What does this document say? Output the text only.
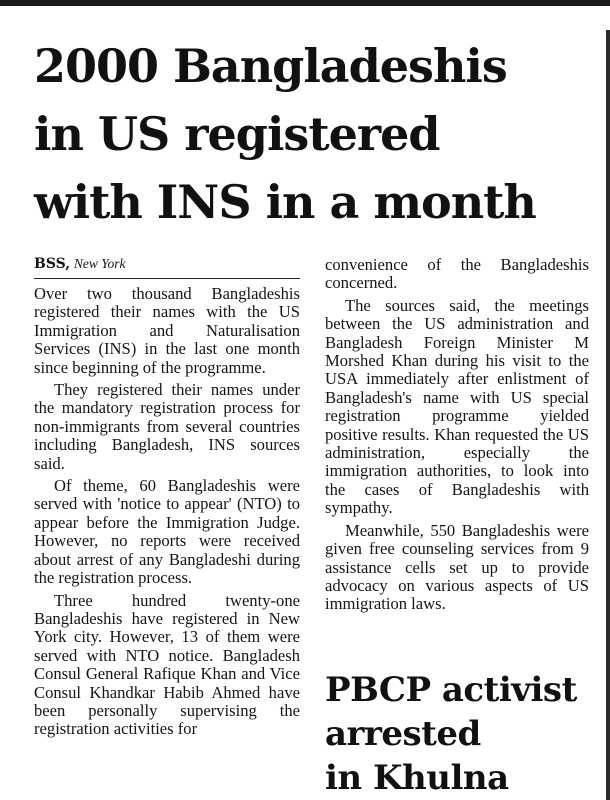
2000 Bangladeshis
in US registered
with INS in a month
BSS, New York

Over two thousand Bangladeshis registered their names with the US Immigration and Naturalisation Services (INS) in the last one month since beginning of the programme.

They registered their names under the mandatory registration process for non-immigrants from several countries including Bangladesh, INS sources said.

Of theme, 60 Bangladeshis were served with 'notice to appear' (NTO) to appear before the Immigration Judge. However, no reports were received about arrest of any Bangladeshi during the registration process.

Three hundred twenty-one Bangladeshis have registered in New York city. However, 13 of them were served with NTO notice. Bangladesh Consul General Rafique Khan and Vice Consul Khandkar Habib Ahmed have been personally supervising the registration activities for

convenience of the Bangladeshis concerned.

The sources said, the meetings between the US administration and Bangladesh Foreign Minister M Morshed Khan during his visit to the USA immediately after enlistment of Bangladesh's name with US special registration programme yielded positive results. Khan requested the US administration, especially the immigration authorities, to look into the cases of Bangladeshis with sympathy.

Meanwhile, 550 Bangladeshis were given free counseling services from 9 assistance cells set up to provide advocacy on various aspects of US immigration laws.

PBCP activist
arrested
in Khulna
